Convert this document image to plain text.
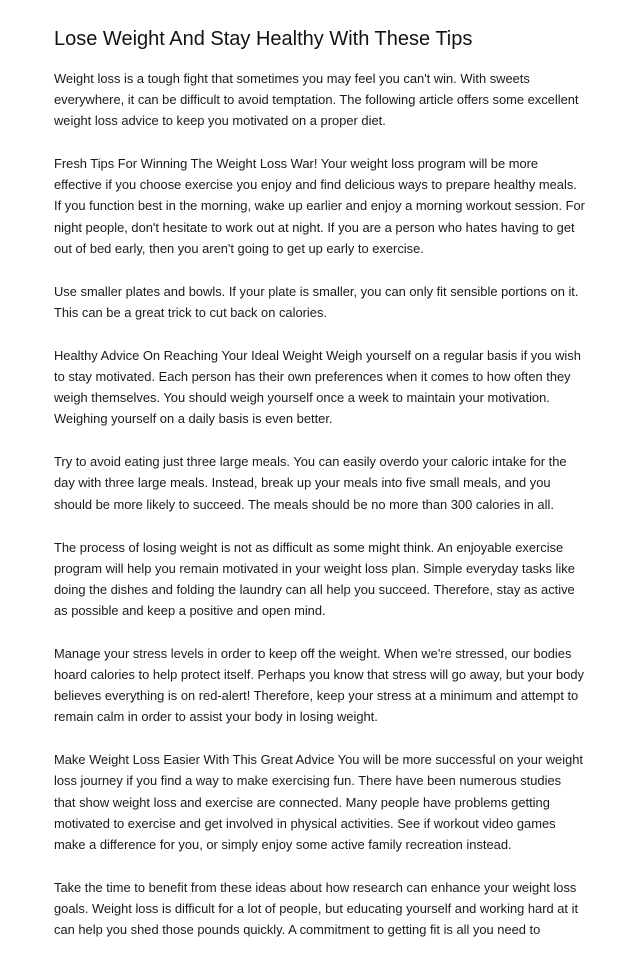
Lose Weight And Stay Healthy With These Tips

Weight loss is a tough fight that sometimes you may feel you can't win. With sweets
everywhere, it can be difficult to avoid temptation. The following article offers some excellent
weight loss advice to keep you motivated on a proper diet.

Fresh Tips For Winning The Weight Loss War! Your weight loss program will be more
effective if you choose exercise you enjoy and find delicious ways to prepare healthy meals.
If you function best in the morning, wake up earlier and enjoy a morning workout session. For
night people, don't hesitate to work out at night. If you are a person who hates having to get
out of bed early, then you aren't going to get up early to exercise.

Use smaller plates and bowls. If your plate is smaller, you can only fit sensible portions on it.
This can be a great trick to cut back on calories.

Healthy Advice On Reaching Your Ideal Weight Weigh yourself on a regular basis if you wish
to stay motivated. Each person has their own preferences when it comes to how often they
weigh themselves. You should weigh yourself once a week to maintain your motivation.
Weighing yourself on a daily basis is even better.

Try to avoid eating just three large meals. You can easily overdo your caloric intake for the
day with three large meals. Instead, break up your meals into five small meals, and you
should be more likely to succeed. The meals should be no more than 300 calories in all.

The process of losing weight is not as difficult as some might think. An enjoyable exercise
program will help you remain motivated in your weight loss plan. Simple everyday tasks like
doing the dishes and folding the laundry can all help you succeed. Therefore, stay as active
as possible and keep a positive and open mind.

Manage your stress levels in order to keep off the weight. When we're stressed, our bodies
hoard calories to help protect itself. Perhaps you know that stress will go away, but your body
believes everything is on red-alert! Therefore, keep your stress at a minimum and attempt to
remain calm in order to assist your body in losing weight.

Make Weight Loss Easier With This Great Advice You will be more successful on your weight
loss journey if you find a way to make exercising fun. There have been numerous studies
that show weight loss and exercise are connected. Many people have problems getting
motivated to exercise and get involved in physical activities. See if workout video games
make a difference for you, or simply enjoy some active family recreation instead.

Take the time to benefit from these ideas about how research can enhance your weight loss
goals. Weight loss is difficult for a lot of people, but educating yourself and working hard at it
can help you shed those pounds quickly. A commitment to getting fit is all you need to
